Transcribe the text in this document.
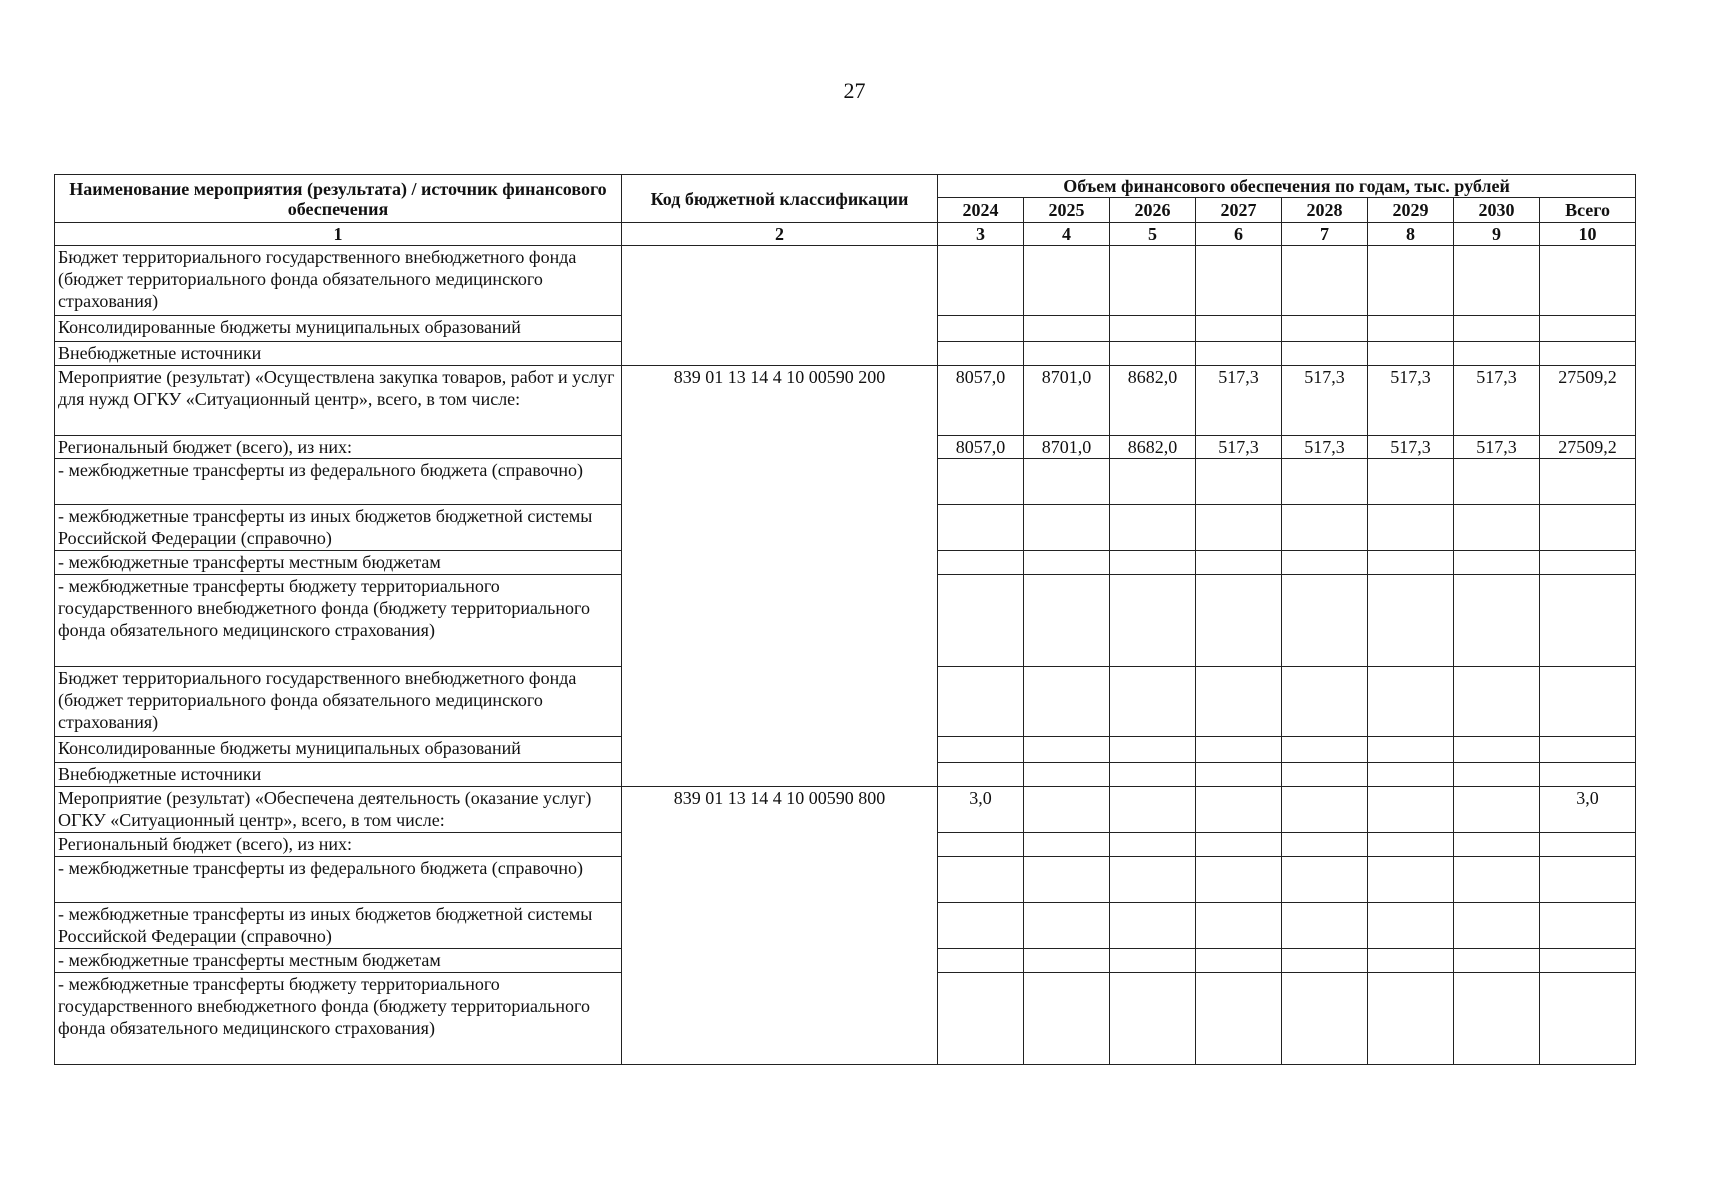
27
Наименование мероприятия (результата) / источник финансового обеспечения	Код бюджетной классификации	Объем финансового обеспечения по годам, тыс. рублей							
		2024	2025	2026	2027	2028	2029	2030	Всего
1	2	3	4	5	6	7	8	9	10
Бюджет территориального государственного внебюджетного фонда (бюджет территориального фонда обязательного медицинского страхования)									
Консолидированные бюджеты муниципальных образований									
Внебюджетные источники									
Мероприятие (результат) «Осуществлена закупка товаров, работ и услуг для нужд ОГКУ «Ситуационный центр», всего, в том числе:	839 01 13 14 4 10 00590 200	8057,0	8701,0	8682,0	517,3	517,3	517,3	517,3	27509,2
Региональный бюджет (всего), из них:		8057,0	8701,0	8682,0	517,3	517,3	517,3	517,3	27509,2
- межбюджетные трансферты из федерального бюджета (справочно)									
- межбюджетные трансферты из иных бюджетов бюджетной системы Российской Федерации (справочно)									
- межбюджетные трансферты местным бюджетам									
- межбюджетные трансферты бюджету территориального государственного внебюджетного фонда (бюджету территориального фонда обязательного медицинского страхования)									
Бюджет территориального государственного внебюджетного фонда (бюджет территориального фонда обязательного медицинского страхования)									
Консолидированные бюджеты муниципальных образований									
Внебюджетные источники									
Мероприятие (результат) «Обеспечена деятельность (оказание услуг) ОГКУ «Ситуационный центр», всего, в том числе:	839 01 13 14 4 10 00590 800	3,0							3,0
Региональный бюджет (всего), из них:									
- межбюджетные трансферты из федерального бюджета (справочно)									
- межбюджетные трансферты из иных бюджетов бюджетной системы Российской Федерации (справочно)									
- межбюджетные трансферты местным бюджетам									
- межбюджетные трансферты бюджету территориального государственного внебюджетного фонда (бюджету территориального фонда обязательного медицинского страхования)									
